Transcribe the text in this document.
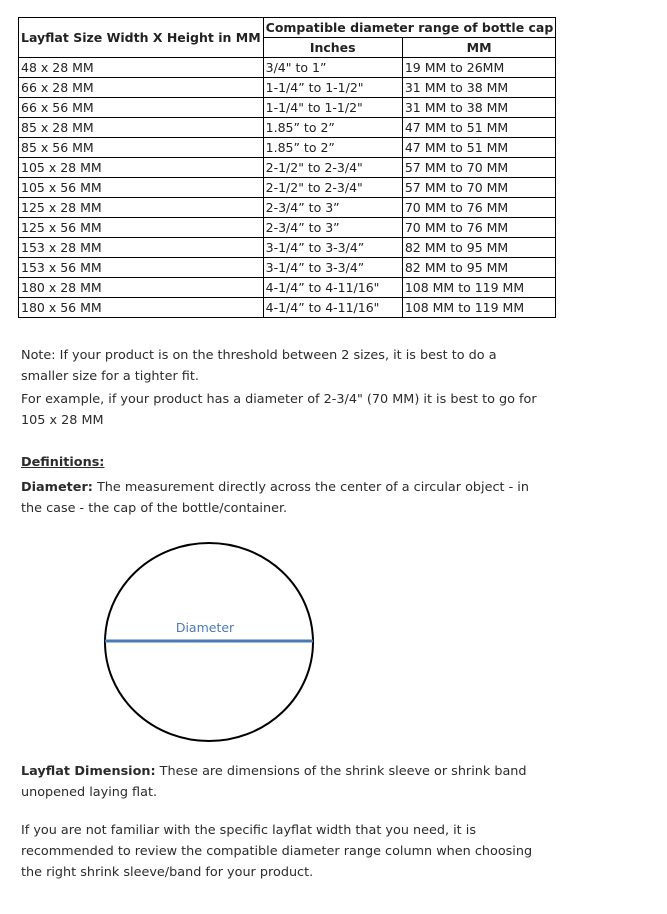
Layflat Size Width X Height in MM	Compatible diameter range of bottle cap	
	Inches	MM
48 x 28 MM	3/4" to 1”	19 MM to 26MM
66 x 28 MM	1-1/4” to 1-1/2"	31 MM to 38 MM
66 x 56 MM	1-1/4" to 1-1/2"	31 MM to 38 MM
85 x 28 MM	1.85” to 2”	47 MM to 51 MM
85 x 56 MM	1.85” to 2”	47 MM to 51 MM
105 x 28 MM	2-1/2" to 2-3/4"	57 MM to 70 MM
105 x 56 MM	2-1/2" to 2-3/4"	57 MM to 70 MM
125 x 28 MM	2-3/4” to 3”	70 MM to 76 MM
125 x 56 MM	2-3/4” to 3”	70 MM to 76 MM
153 x 28 MM	3-1/4” to 3-3/4”	82 MM to 95 MM
153 x 56 MM	3-1/4” to 3-3/4”	82 MM to 95 MM
180 x 28 MM	4-1/4” to 4-11/16"	108 MM to 119 MM
180 x 56 MM	4-1/4” to 4-11/16"	108 MM to 119 MM

Note: If your product is on the threshold between 2 sizes, it is best to do a smaller size for a tighter fit.

For example, if your product has a diameter of 2-3/4" (70 MM) it is best to go for 105 x 28 MM

Definitions:

Diameter: The measurement directly across the center of a circular object - in the case - the cap of the bottle/container.

Diameter

Layflat Dimension: These are dimensions of the shrink sleeve or shrink band unopened laying flat.

If you are not familiar with the specific layflat width that you need, it is recommended to review the compatible diameter range column when choosing the right shrink sleeve/band for your product.
